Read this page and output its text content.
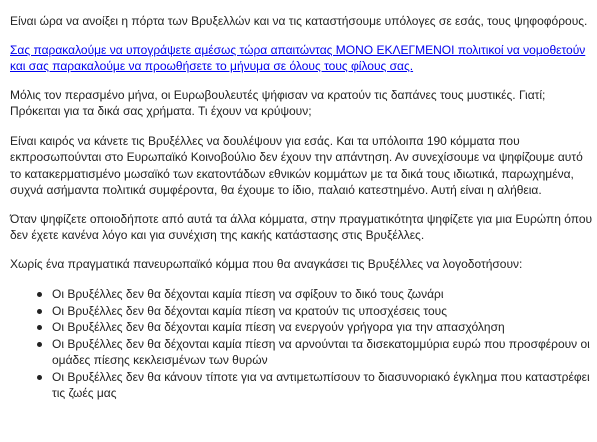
Είναι ώρα να ανοίξει η πόρτα των Βρυξελλών και να τις καταστήσουμε υπόλογες σε εσάς, τους ψηφοφόρους.

Σας παρακαλούμε να υπογράψετε αμέσως τώρα απαιτώντας ΜΟΝΟ ΕΚΛΕΓΜΕΝΟΙ πολιτικοί να νομοθετούν και σας παρακαλούμε να προωθήσετε το μήνυμα σε όλους τους φίλους σας.

Μόλις τον περασμένο μήνα, οι Ευρωβουλευτές ψήφισαν να κρατούν τις δαπάνες τους μυστικές. Γιατί; Πρόκειται για τα δικά σας χρήματα. Τι έχουν να κρύψουν;

Είναι καιρός να κάνετε τις Βρυξέλλες να δουλέψουν για εσάς. Και τα υπόλοιπα 190 κόμματα που εκπροσωπούνται στο Ευρωπαϊκό Κοινοβούλιο δεν έχουν την απάντηση. Αν συνεχίσουμε να ψηφίζουμε αυτό το κατακερματισμένο μωσαϊκό των εκατοντάδων εθνικών κομμάτων με τα δικά τους ιδιωτικά, παρωχημένα, συχνά ασήμαντα πολιτικά συμφέροντα, θα έχουμε το ίδιο, παλαιό κατεστημένο. Αυτή είναι η αλήθεια.

Όταν ψηφίζετε οποιοδήποτε από αυτά τα άλλα κόμματα, στην πραγματικότητα ψηφίζετε για μια Ευρώπη όπου δεν έχετε κανένα λόγο και για συνέχιση της κακής κατάστασης στις Βρυξέλλες.

Χωρίς ένα πραγματικά πανευρωπαϊκό κόμμα που θα αναγκάσει τις Βρυξέλλες να λογοδοτήσουν:

Οι Βρυξέλλες δεν θα δέχονται καμία πίεση να σφίξουν το δικό τους ζωνάρι
Οι Βρυξέλλες δεν θα δέχονται καμία πίεση να κρατούν τις υποσχέσεις τους
Οι Βρυξέλλες δεν θα δέχονται καμία πίεση να ενεργούν γρήγορα για την απασχόληση
Οι Βρυξέλλες δεν θα δέχονται καμία πίεση να αρνούνται τα δισεκατομμύρια ευρώ που προσφέρουν οι ομάδες πίεσης κεκλεισμένων των θυρών
Οι Βρυξέλλες δεν θα κάνουν τίποτε για να αντιμετωπίσουν το διασυνοριακό έγκλημα που καταστρέφει τις ζωές μας
